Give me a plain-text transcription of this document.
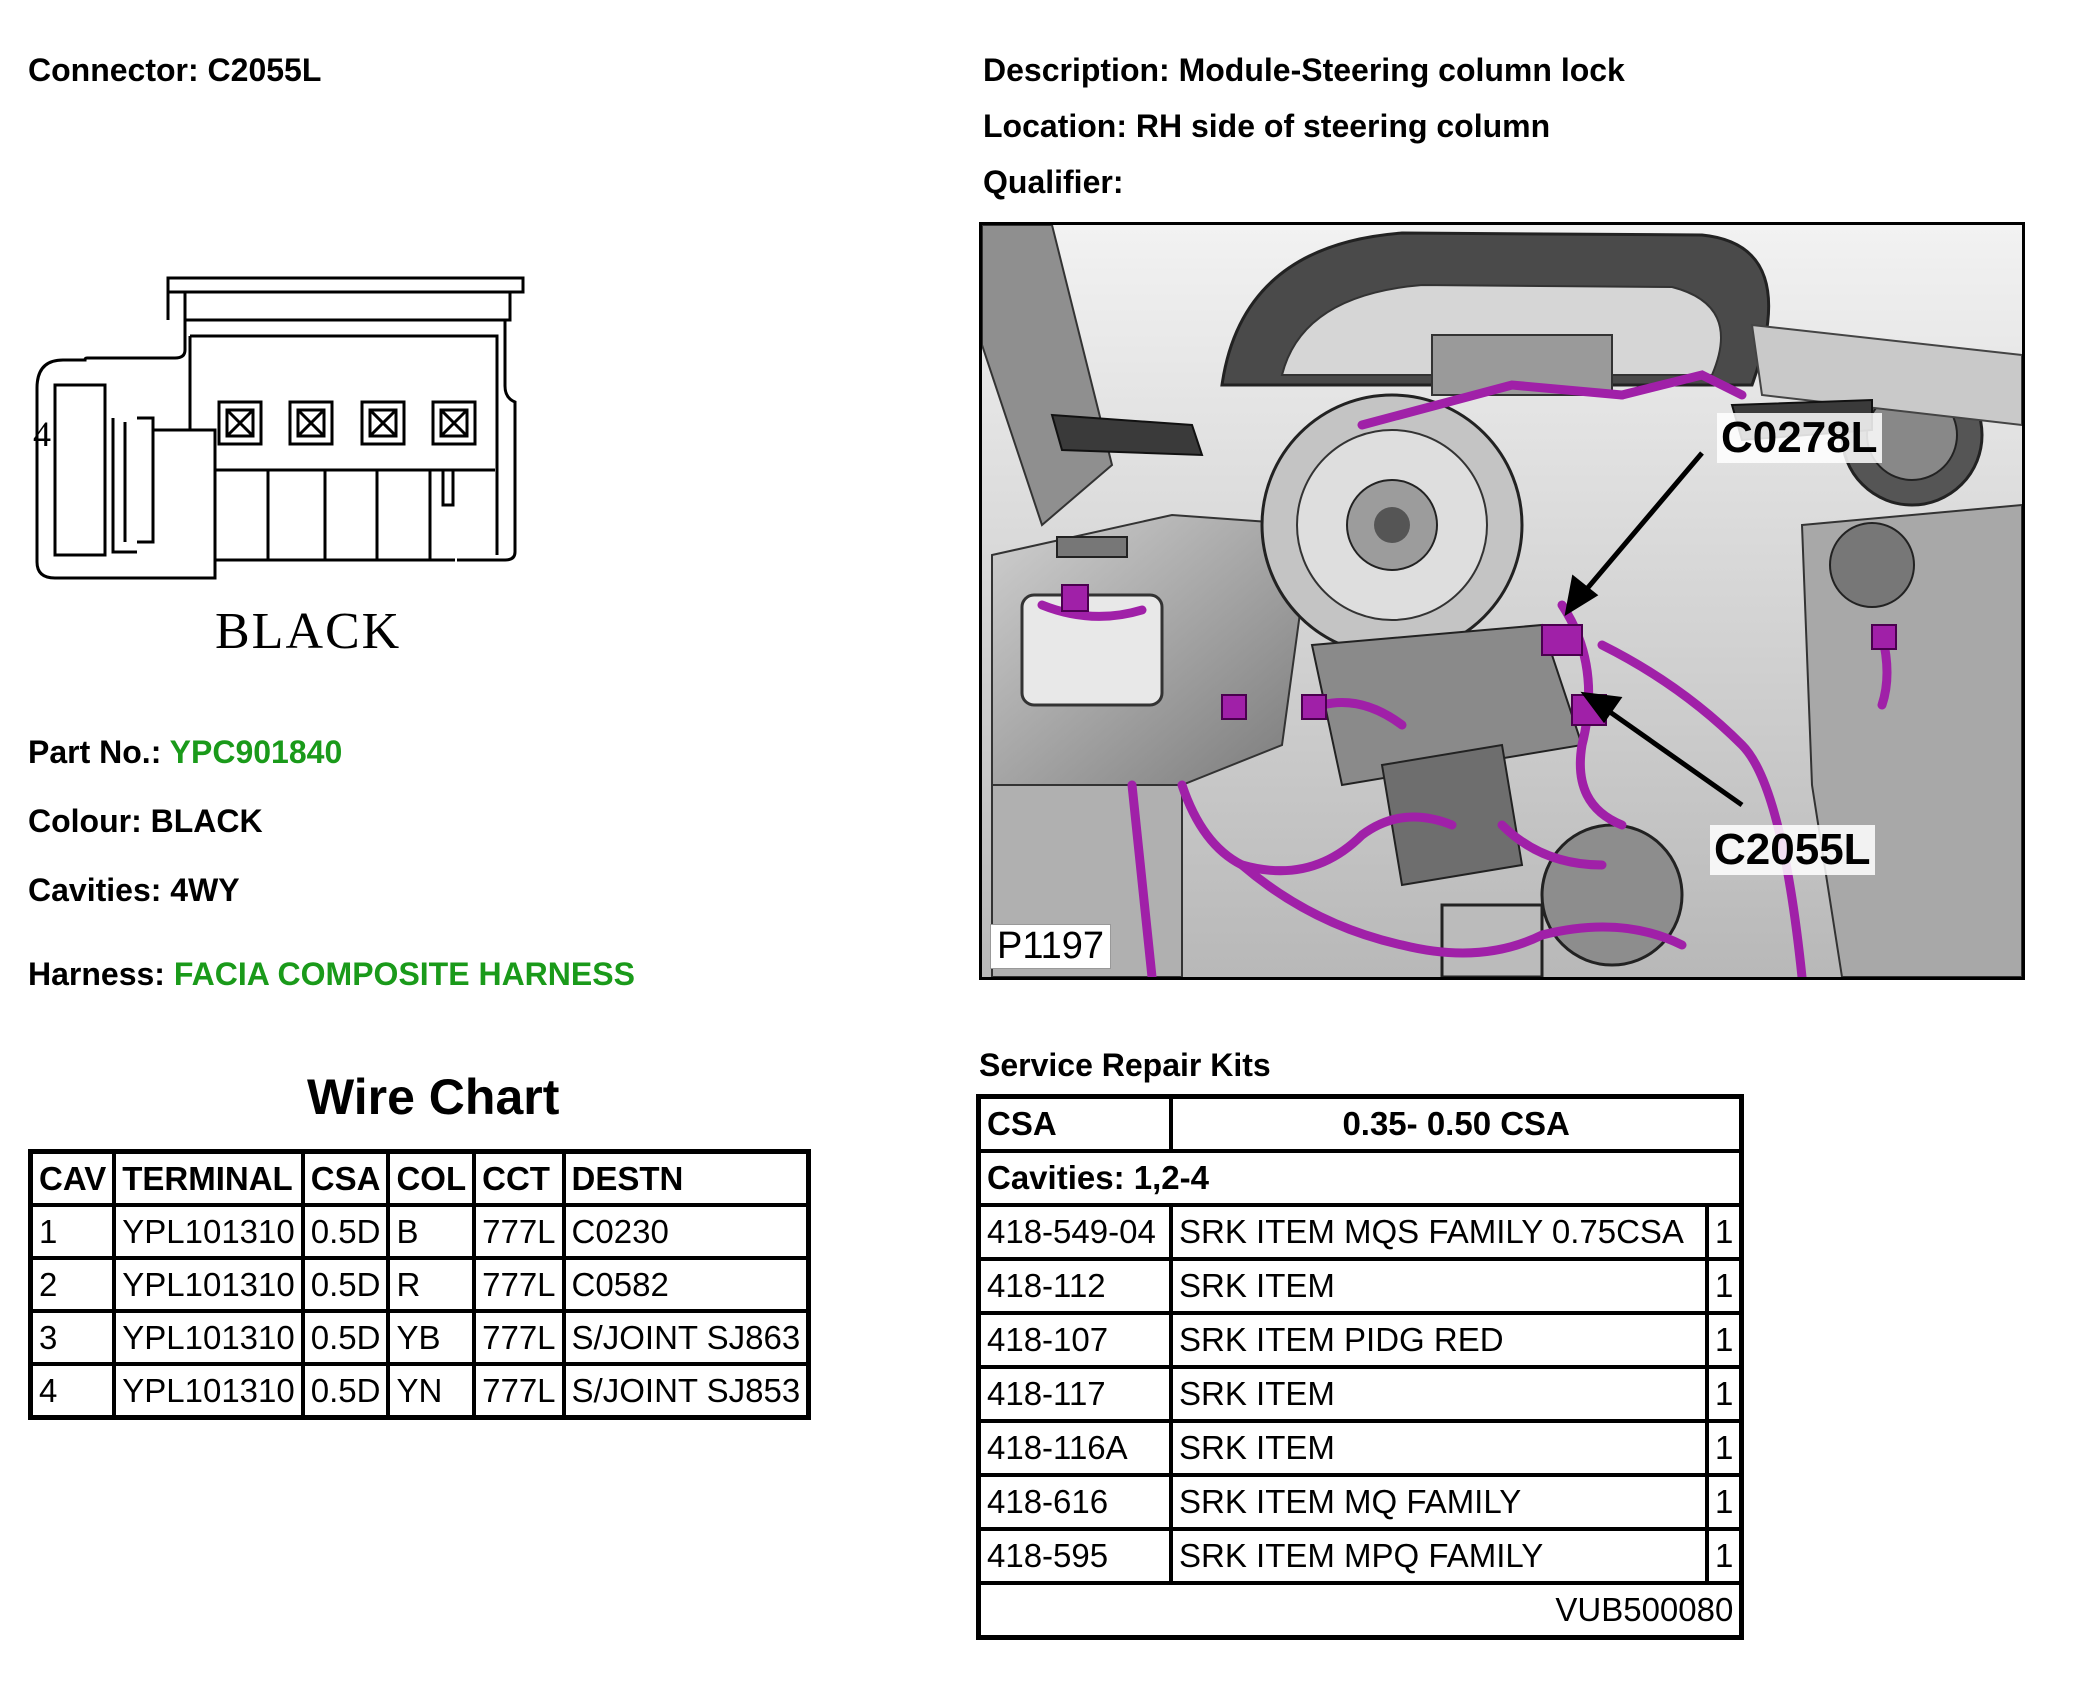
Connector: C2055L	Description: Module-Steering column lock
Location: RH side of steering column
Qualifier:
4
BLACK
Part No.: YPC901840
Colour: BLACK
Cavities: 4WY
Harness: FACIA COMPOSITE HARNESS
Wire Chart
CAV	TERMINAL	CSA	COL	CCT	DESTN
1	YPL101310	0.5D	B	777L	C0230
2	YPL101310	0.5D	R	777L	C0582
3	YPL101310	0.5D	YB	777L	S/JOINT SJ863
4	YPL101310	0.5D	YN	777L	S/JOINT SJ853
C0278L
C2055L
P1197
Service Repair Kits
CSA	0.35- 0.50 CSA	
Cavities: 1,2-4		
418-549-04	SRK ITEM MQS FAMILY 0.75CSA	1
418-112	SRK ITEM	1
418-107	SRK ITEM PIDG RED	1
418-117	SRK ITEM	1
418-116A	SRK ITEM	1
418-616	SRK ITEM MQ FAMILY	1
418-595	SRK ITEM MPQ FAMILY	1
VUB500080		
